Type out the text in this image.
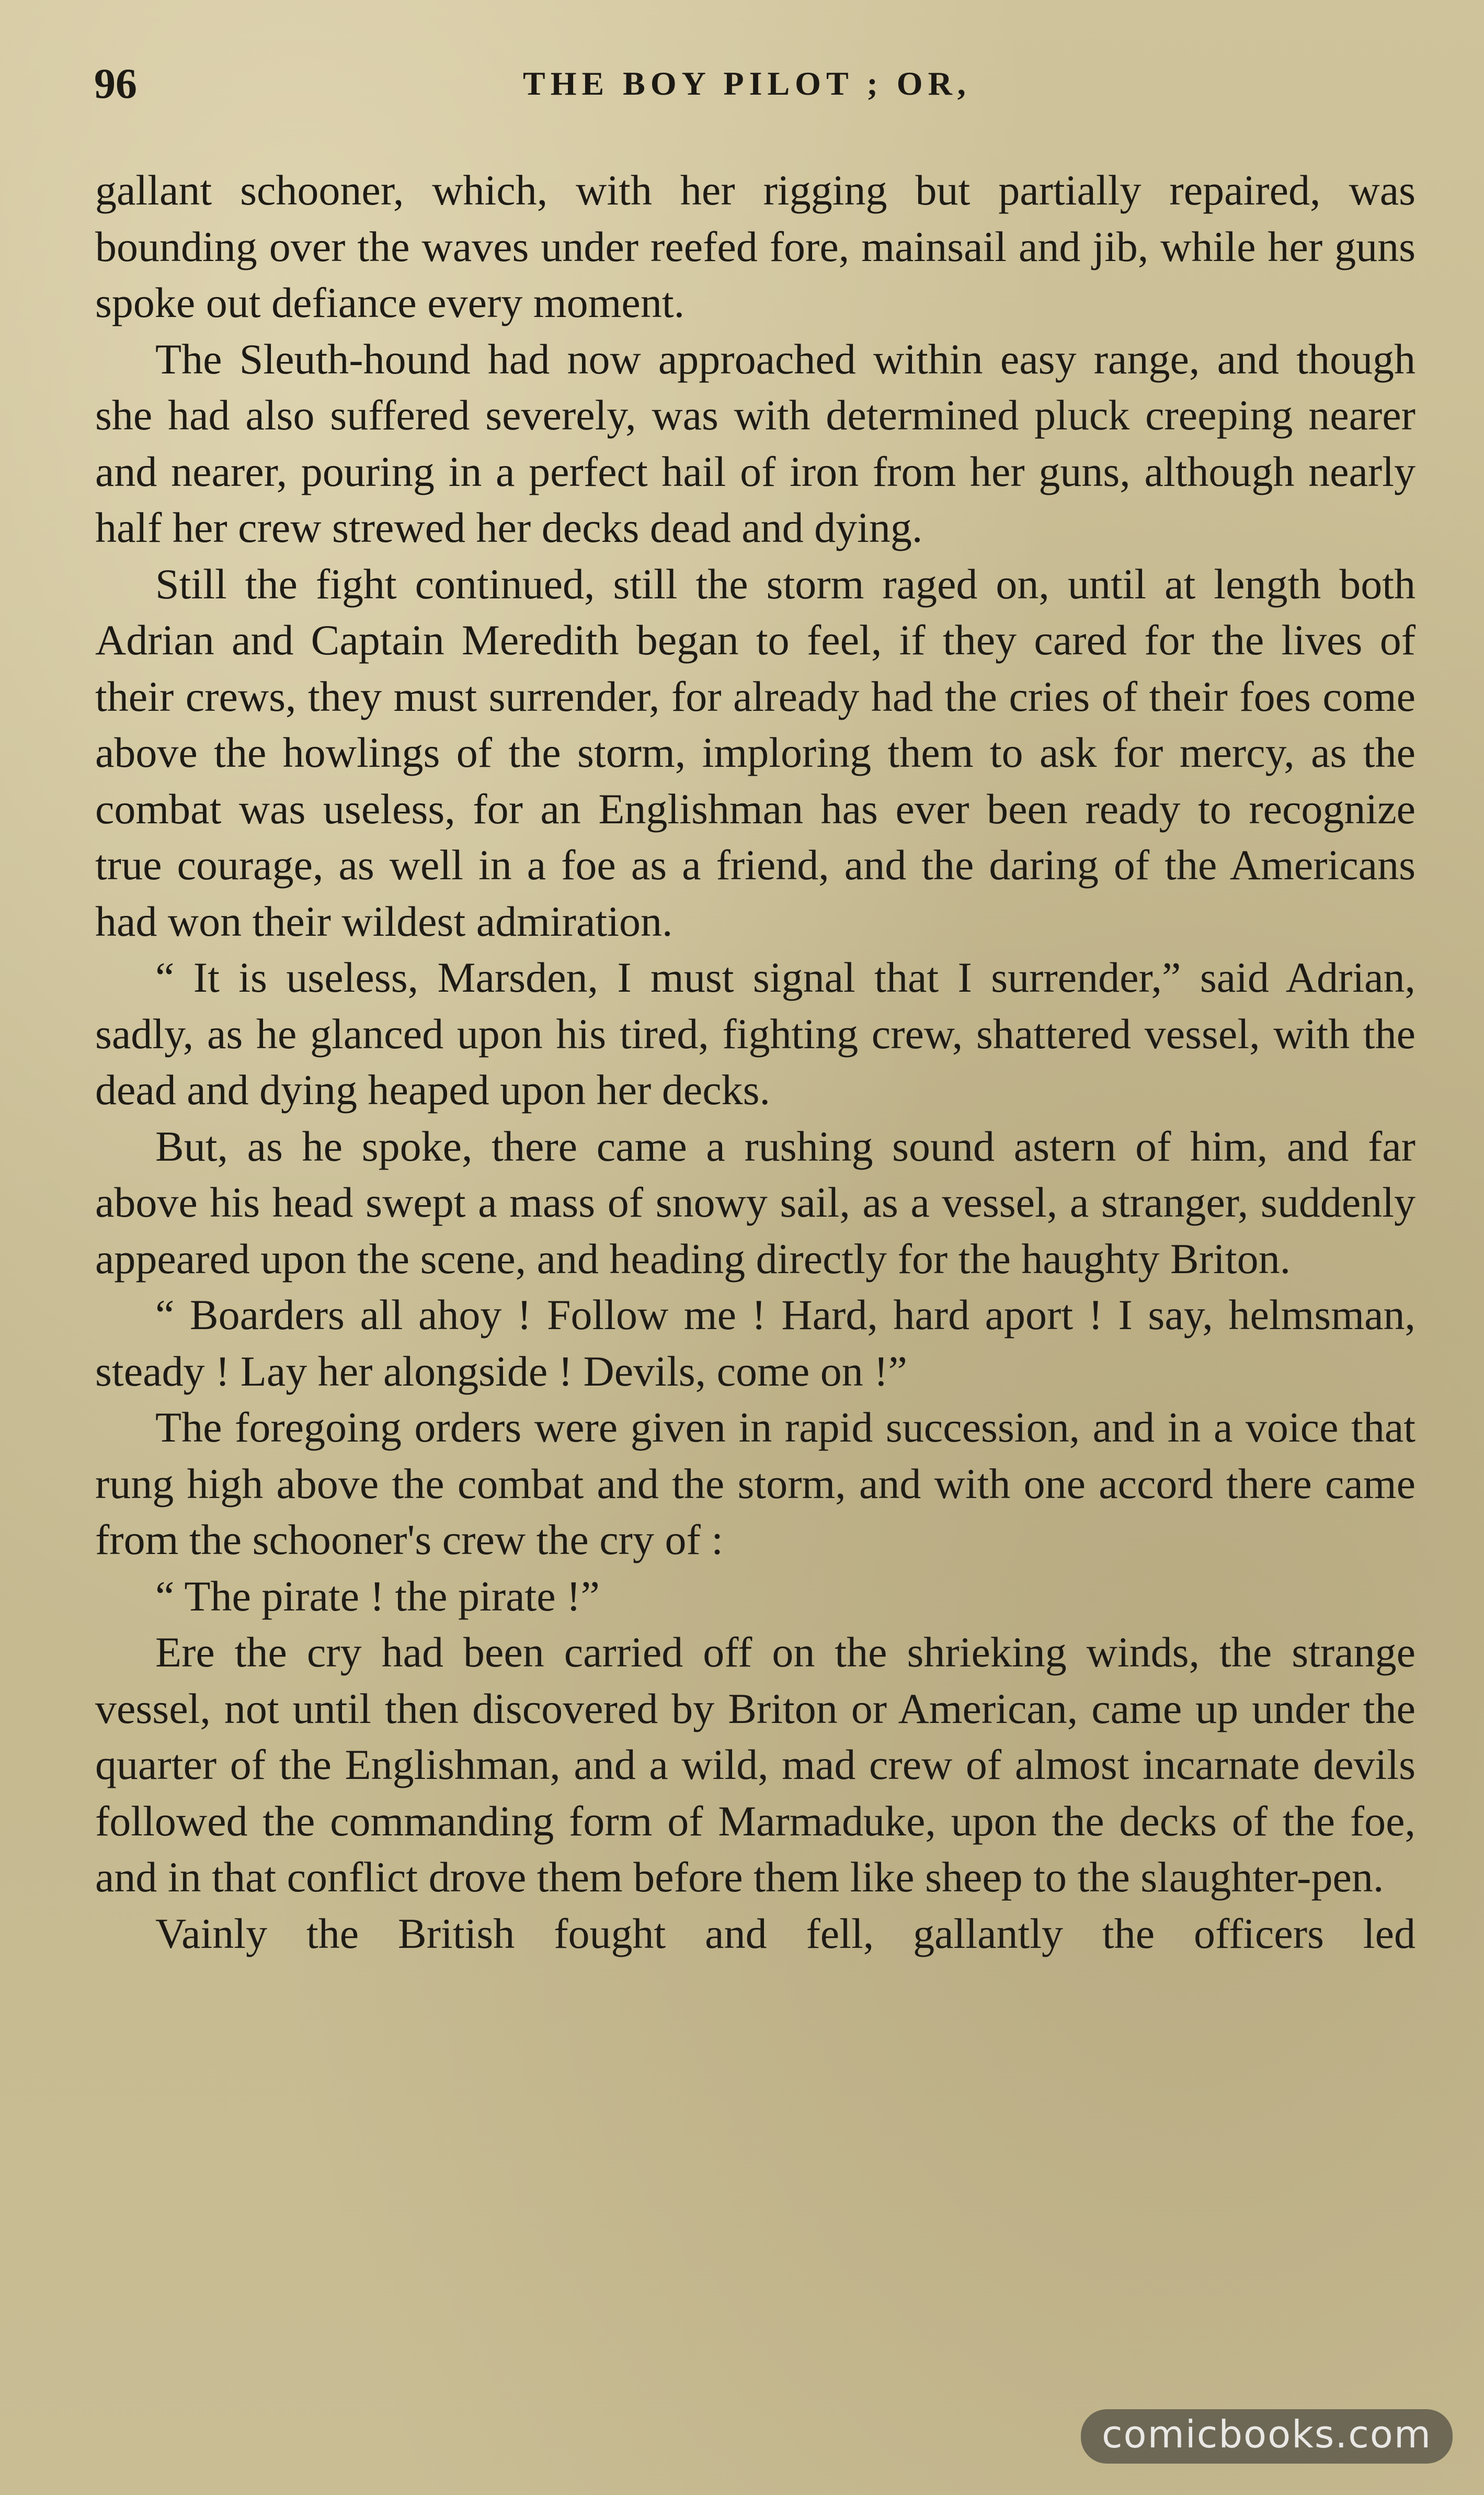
96	THE BOY PILOT ; OR,

gallant schooner, which, with her rigging but partially repaired, was bounding over the waves under reefed fore, mainsail and jib, while her guns spoke out defiance every moment.

The Sleuth-hound had now approached within easy range, and though she had also suffered severely, was with determined pluck creeping nearer and nearer, pouring in a perfect hail of iron from her guns, although nearly half her crew strewed her decks dead and dying.

Still the fight continued, still the storm raged on, until at length both Adrian and Captain Meredith began to feel, if they cared for the lives of their crews, they must surrender, for already had the cries of their foes come above the howlings of the storm, imploring them to ask for mercy, as the combat was useless, for an Englishman has ever been ready to recognize true courage, as well in a foe as a friend, and the daring of the Americans had won their wildest admiration.

“ It is useless, Marsden, I must signal that I surrender,” said Adrian, sadly, as he glanced upon his tired, fighting crew, shattered vessel, with the dead and dying heaped upon her decks.

But, as he spoke, there came a rushing sound astern of him, and far above his head swept a mass of snowy sail, as a vessel, a stranger, suddenly appeared upon the scene, and heading directly for the haughty Briton.

“ Boarders all ahoy ! Follow me ! Hard, hard aport ! I say, helmsman, steady ! Lay her alongside ! Devils, come on !”

The foregoing orders were given in rapid succession, and in a voice that rung high above the combat and the storm, and with one accord there came from the schooner's crew the cry of :

“ The pirate ! the pirate !”

Ere the cry had been carried off on the shrieking winds, the strange vessel, not until then discovered by Briton or American, came up under the quarter of the Englishman, and a wild, mad crew of almost incarnate devils followed the commanding form of Marmaduke, upon the decks of the foe, and in that conflict drove them before them like sheep to the slaughter-pen.

Vainly the British fought and fell, gallantly the officers led

comicbooks.com
